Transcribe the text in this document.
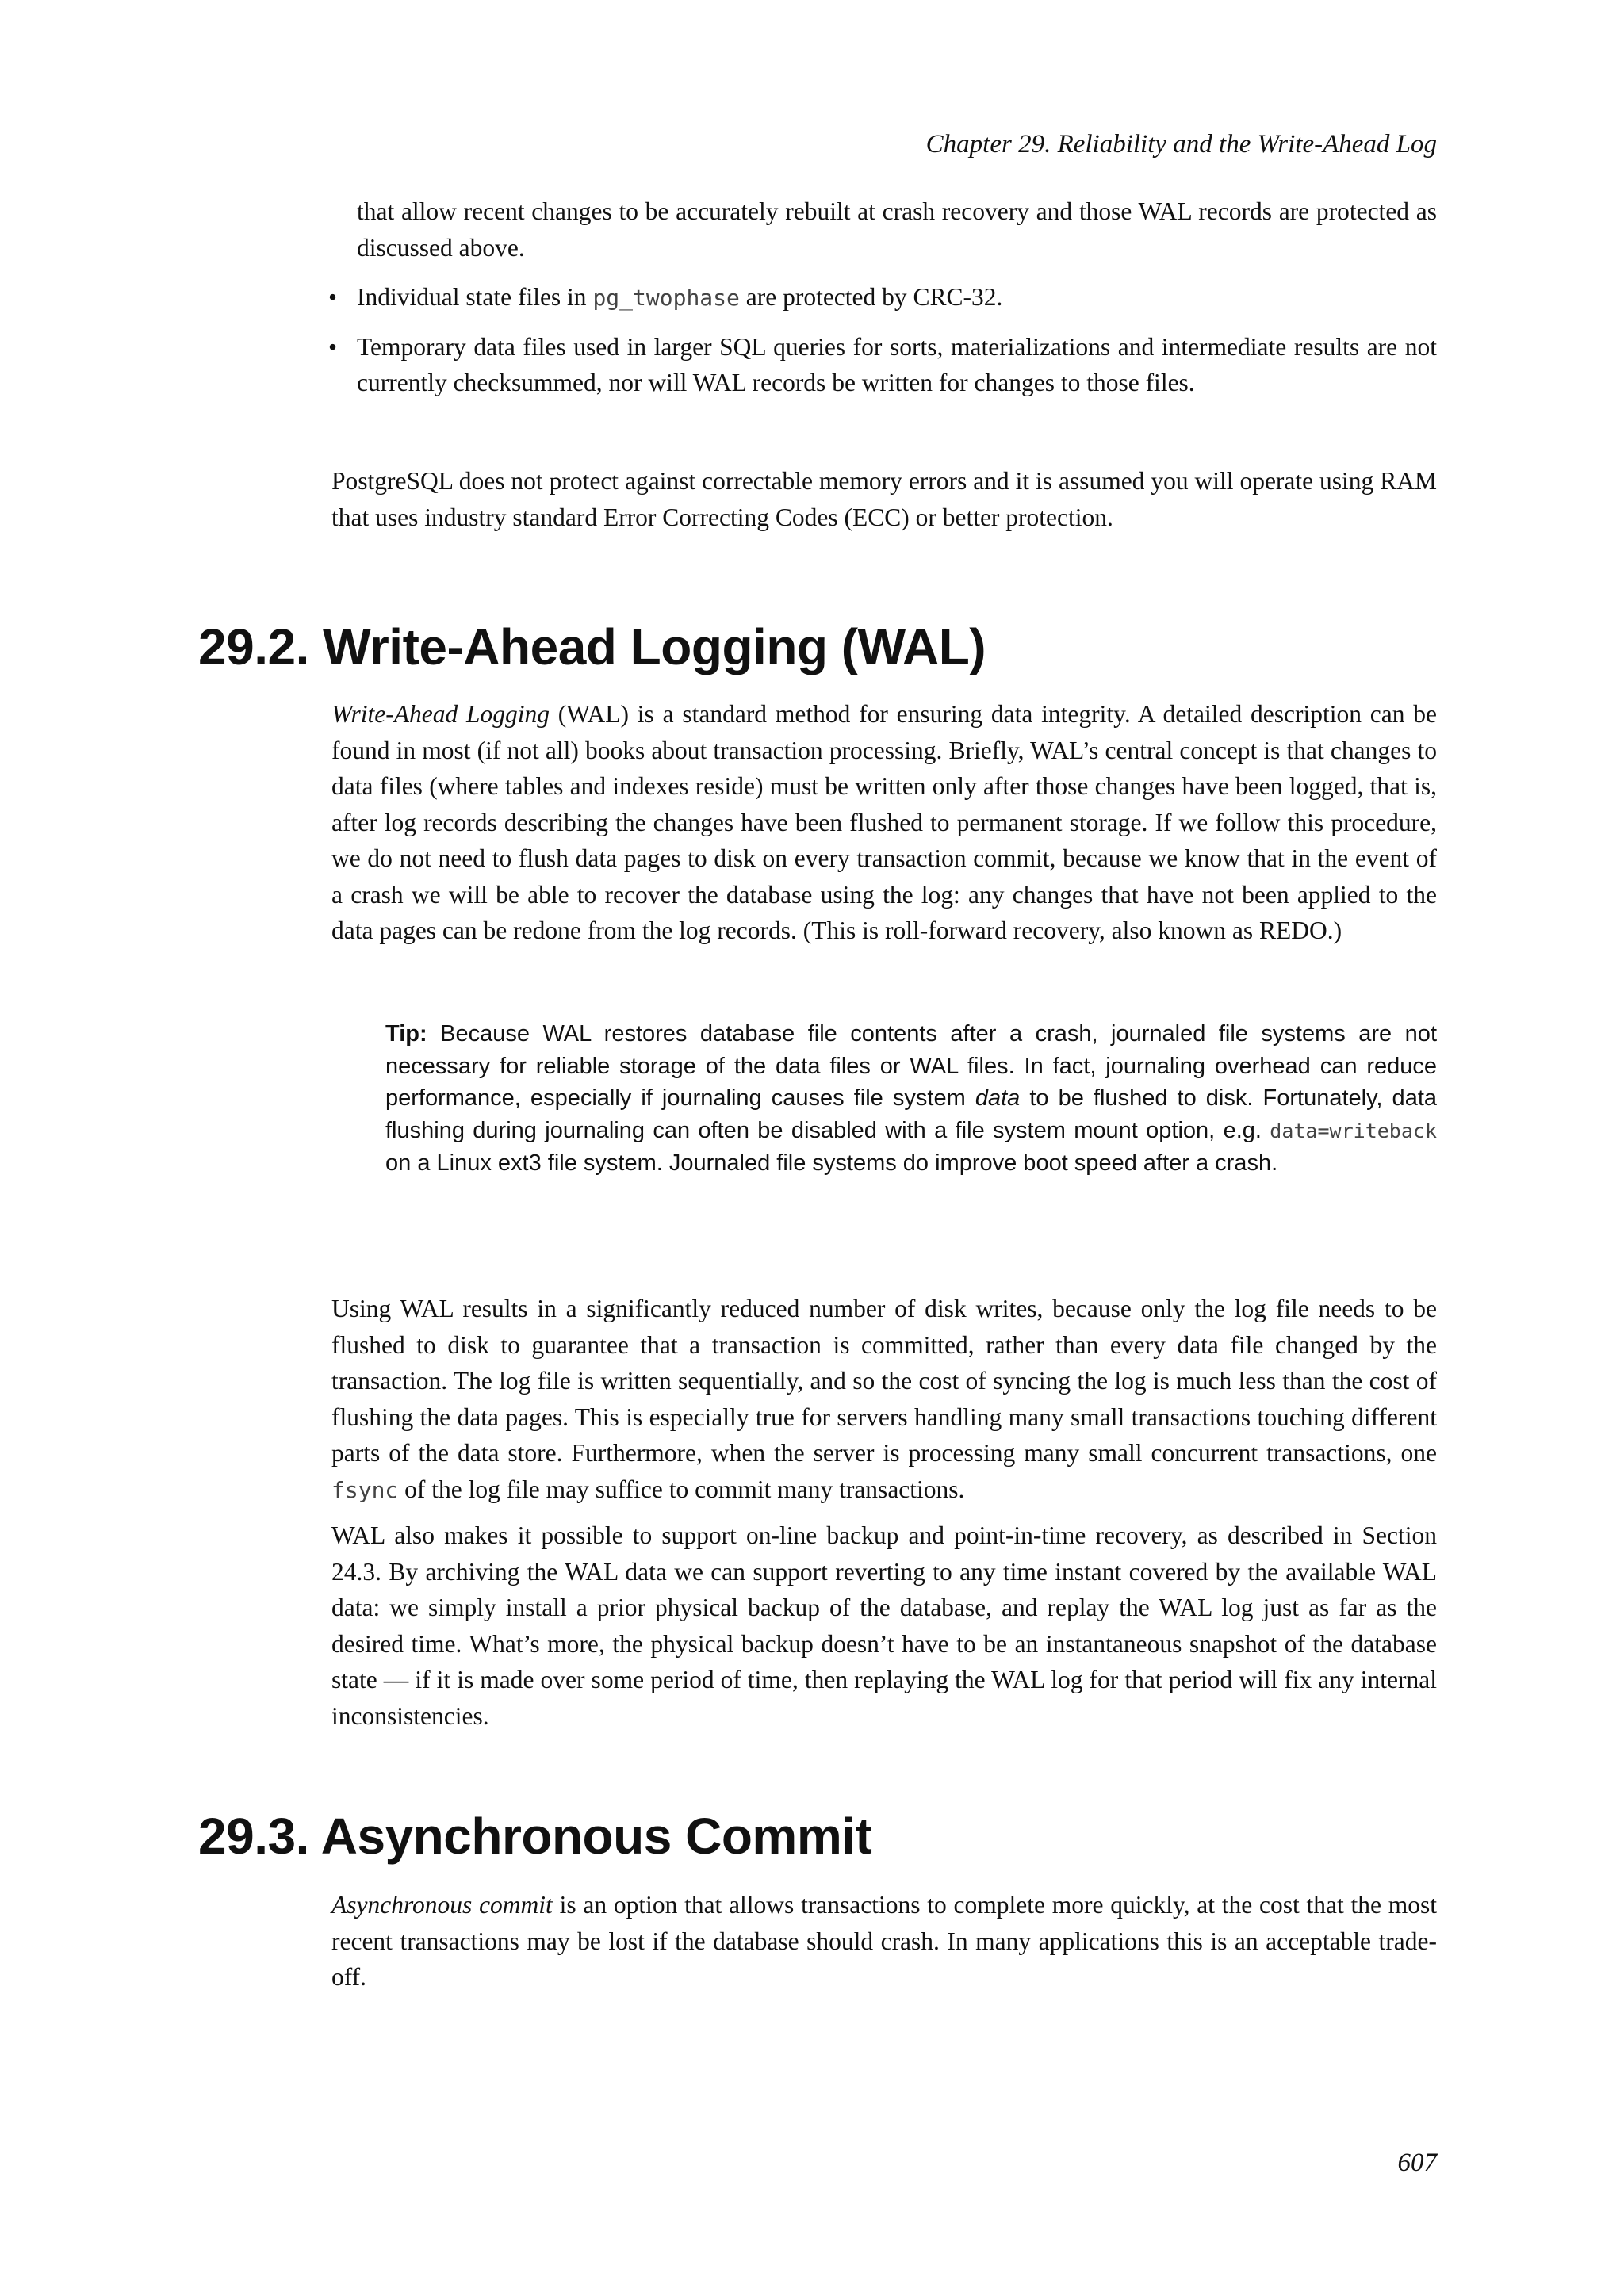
Chapter 29. Reliability and the Write-Ahead Log

that allow recent changes to be accurately rebuilt at crash recovery and those WAL records are protected as discussed above.

• Individual state files in pg_twophase are protected by CRC-32.
• Temporary data files used in larger SQL queries for sorts, materializations and intermediate results are not currently checksummed, nor will WAL records be written for changes to those files.

PostgreSQL does not protect against correctable memory errors and it is assumed you will operate using RAM that uses industry standard Error Correcting Codes (ECC) or better protection.

29.2. Write-Ahead Logging (WAL)

Write-Ahead Logging (WAL) is a standard method for ensuring data integrity. A detailed description can be found in most (if not all) books about transaction processing. Briefly, WAL’s central concept is that changes to data files (where tables and indexes reside) must be written only after those changes have been logged, that is, after log records describing the changes have been flushed to permanent storage. If we follow this procedure, we do not need to flush data pages to disk on every transaction commit, because we know that in the event of a crash we will be able to recover the database using the log: any changes that have not been applied to the data pages can be redone from the log records. (This is roll-forward recovery, also known as REDO.)

Tip: Because WAL restores database file contents after a crash, journaled file systems are not necessary for reliable storage of the data files or WAL files. In fact, journaling overhead can reduce performance, especially if journaling causes file system data to be flushed to disk. Fortunately, data flushing during journaling can often be disabled with a file system mount option, e.g. data=writeback on a Linux ext3 file system. Journaled file systems do improve boot speed after a crash.

Using WAL results in a significantly reduced number of disk writes, because only the log file needs to be flushed to disk to guarantee that a transaction is committed, rather than every data file changed by the transaction. The log file is written sequentially, and so the cost of syncing the log is much less than the cost of flushing the data pages. This is especially true for servers handling many small transactions touching different parts of the data store. Furthermore, when the server is processing many small concurrent transactions, one fsync of the log file may suffice to commit many transactions.

WAL also makes it possible to support on-line backup and point-in-time recovery, as described in Section 24.3. By archiving the WAL data we can support reverting to any time instant covered by the available WAL data: we simply install a prior physical backup of the database, and replay the WAL log just as far as the desired time. What’s more, the physical backup doesn’t have to be an instantaneous snapshot of the database state — if it is made over some period of time, then replaying the WAL log for that period will fix any internal inconsistencies.

29.3. Asynchronous Commit

Asynchronous commit is an option that allows transactions to complete more quickly, at the cost that the most recent transactions may be lost if the database should crash. In many applications this is an acceptable trade-off.

607
